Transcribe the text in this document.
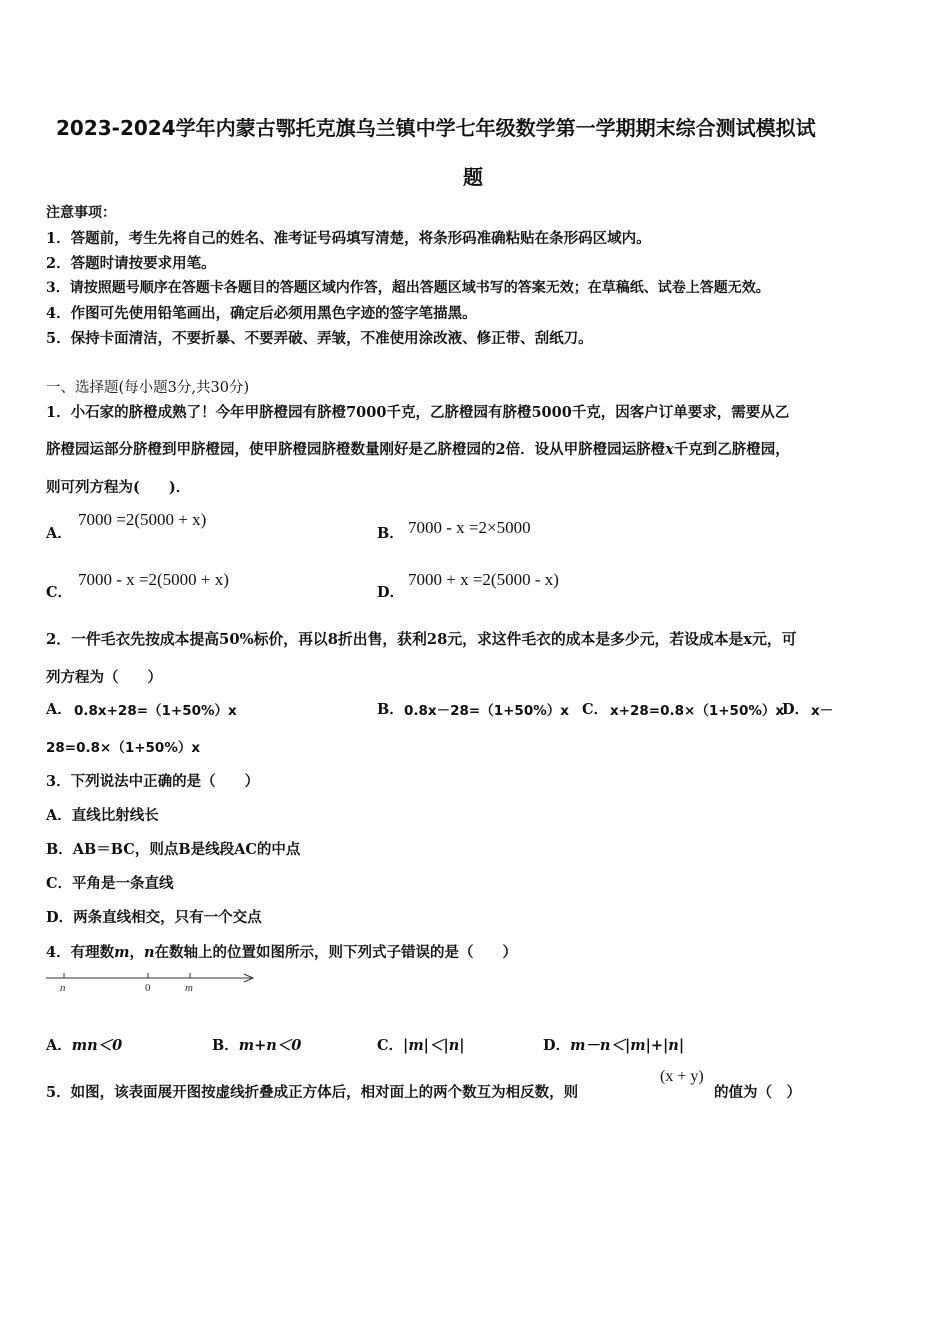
2023-2024学年内蒙古鄂托克旗乌兰镇中学七年级数学第一学期期末综合测试模拟试
题
注意事项：
1．答题前，考生先将自己的姓名、准考证号码填写清楚，将条形码准确粘贴在条形码区域内。
2．答题时请按要求用笔。
3．请按照题号顺序在答题卡各题目的答题区域内作答，超出答题区域书写的答案无效；在草稿纸、试卷上答题无效。
4．作图可先使用铅笔画出，确定后必须用黑色字迹的签字笔描黑。
5．保持卡面清洁，不要折暴、不要弄破、弄皱，不准使用涂改液、修正带、刮纸刀。
一、选择题(每小题3分,共30分)
1．小石家的脐橙成熟了！今年甲脐橙园有脐橙7000千克，乙脐橙园有脐橙5000千克，因客户订单要求，需要从乙
脐橙园运部分脐橙到甲脐橙园，使甲脐橙园脐橙数量刚好是乙脐橙园的2倍．设从甲脐橙园运脐橙x千克到乙脐橙园，
则可列方程为(　　)．
A．
7000 =2(5000 + x)
B． 7000 - x =2×5000
C．
7000 - x =2(5000 + x)
D．
7000 + x =2(5000 - x)
2．一件毛衣先按成本提高50%标价，再以8折出售，获利28元，求这件毛衣的成本是多少元，若设成本是x元，可
列方程为（　　）
A． 0.8x+28=（1+50%）x	B． 0.8x－28=（1+50%）x C． x+28=0.8×（1+50%）x
D． x－
28=0.8×（1+50%）x
3．下列说法中正确的是（　　）
A．直线比射线长
B．AB＝BC，则点B是线段AC的中点
C．平角是一条直线
D．两条直线相交，只有一个交点
4．有理数m，n在数轴上的位置如图所示，则下列式子错误的是（　　）
n	0	m
A．mn＜0	B．m+n＜0	C．|m|＜|n|	D．m－n＜|m|+|n|
5．如图，该表面展开图按虚线折叠成正方体后，相对面上的两个数互为相反数，则
(x + y)
的值为（　）
